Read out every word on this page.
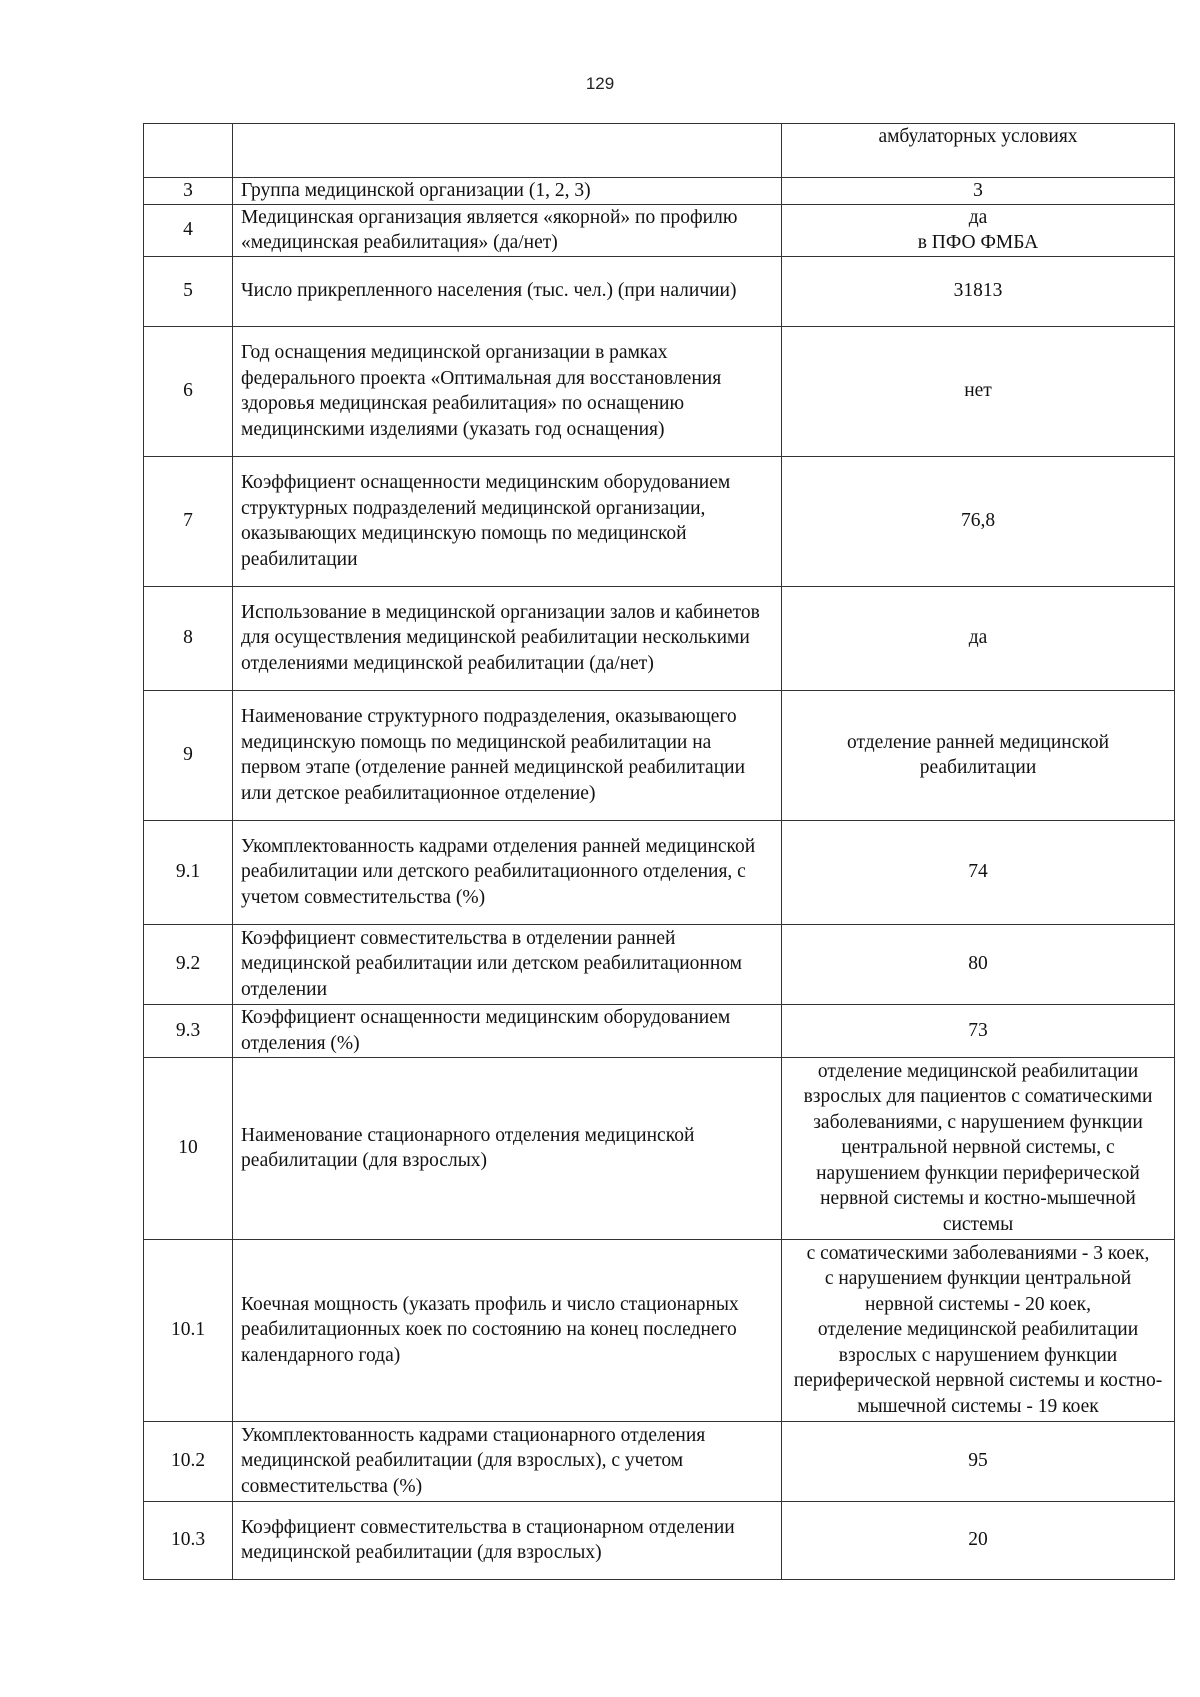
129
		амбулаторных условиях
3	Группа медицинской организации (1, 2, 3)	3
4	Медицинская организация является «якорной» по профилю «медицинская реабилитация» (да/нет)	да
в ПФО ФМБА
5	Число прикрепленного населения (тыс. чел.) (при наличии)	31813
6	Год оснащения медицинской организации в рамках федерального проекта «Оптимальная для восстановления здоровья медицинская реабилитация» по оснащению медицинскими изделиями (указать год оснащения)	нет
7	Коэффициент оснащенности медицинским оборудованием структурных подразделений медицинской организации, оказывающих медицинскую помощь по медицинской реабилитации	76,8
8	Использование в медицинской организации залов и кабинетов для осуществления медицинской реабилитации несколькими отделениями медицинской реабилитации (да/нет)	да
9	Наименование структурного подразделения, оказывающего медицинскую помощь по медицинской реабилитации на первом этапе (отделение ранней медицинской реабилитации или детское реабилитационное отделение)	отделение ранней медицинской реабилитации
9.1	Укомплектованность кадрами отделения ранней медицинской реабилитации или детского реабилитационного отделения, с учетом совместительства (%)	74
9.2	Коэффициент совместительства в отделении ранней медицинской реабилитации или детском реабилитационном отделении	80
9.3	Коэффициент оснащенности медицинским оборудованием отделения (%)	73
10	Наименование стационарного отделения медицинской реабилитации (для взрослых)	отделение медицинской реабилитации взрослых для пациентов с соматическими заболеваниями, с нарушением функции центральной нервной системы, с нарушением функции периферической нервной системы и костно-мышечной системы
10.1	Коечная мощность (указать профиль и число стационарных реабилитационных коек по состоянию на конец последнего календарного года)	с соматическими заболеваниями - 3 коек,
с нарушением функции центральной нервной системы - 20 коек,
отделение медицинской реабилитации взрослых с нарушением функции периферической нервной системы и костно-мышечной системы - 19 коек
10.2	Укомплектованность кадрами стационарного отделения медицинской реабилитации (для взрослых), с учетом совместительства (%)	95
10.3	Коэффициент совместительства в стационарном отделении медицинской реабилитации (для взрослых)	20
